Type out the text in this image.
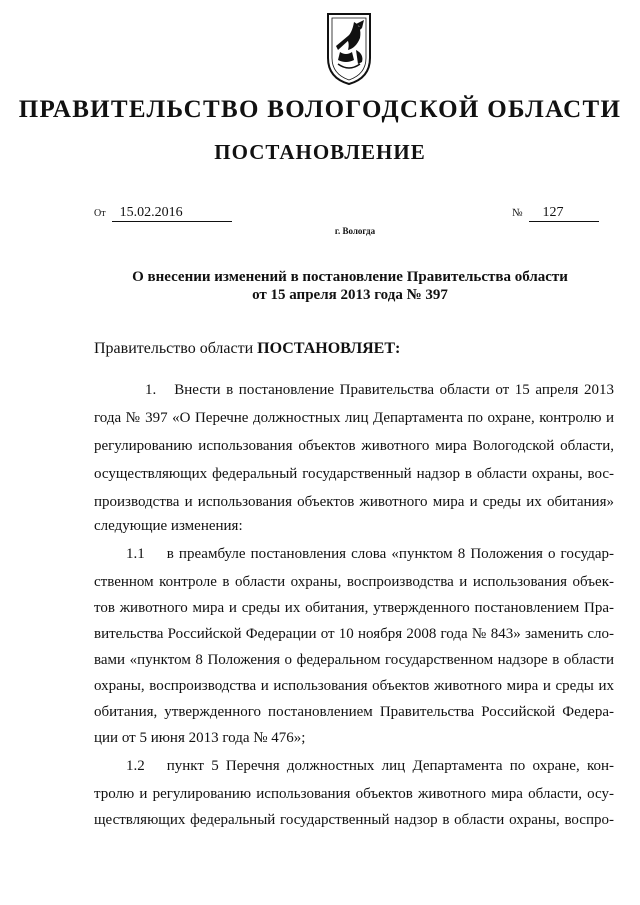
ПРАВИТЕЛЬСТВО ВОЛОГОДСКОЙ ОБЛАСТИ
ПОСТАНОВЛЕНИЕ
От 15.02.2016	№ 127
г. Вологда
О внесении изменений в постановление Правительства области
от 15 апреля 2013 года № 397
Правительство области ПОСТАНОВЛЯЕТ:
1. Внести в постановление Правительства области от 15 апреля 2013
года № 397 «О Перечне должностных лиц Департамента по охране, контролю и
регулированию использования объектов животного мира Вологодской области,
осуществляющих федеральный государственный надзор в области охраны, вос-
производства и использования объектов животного мира и среды их обитания»
следующие изменения:
1.1 в преамбуле постановления слова «пунктом 8 Положения о государ-
ственном контроле в области охраны, воспроизводства и использования объек-
тов животного мира и среды их обитания, утвержденного постановлением Пра-
вительства Российской Федерации от 10 ноября 2008 года № 843» заменить сло-
вами «пунктом 8 Положения о федеральном государственном надзоре в области
охраны, воспроизводства и использования объектов животного мира и среды их
обитания, утвержденного постановлением Правительства Российской Федера-
ции от 5 июня 2013 года № 476»;
1.2 пункт 5 Перечня должностных лиц Департамента по охране, кон-
тролю и регулированию использования объектов животного мира области, осу-
ществляющих федеральный государственный надзор в области охраны, воспро-
